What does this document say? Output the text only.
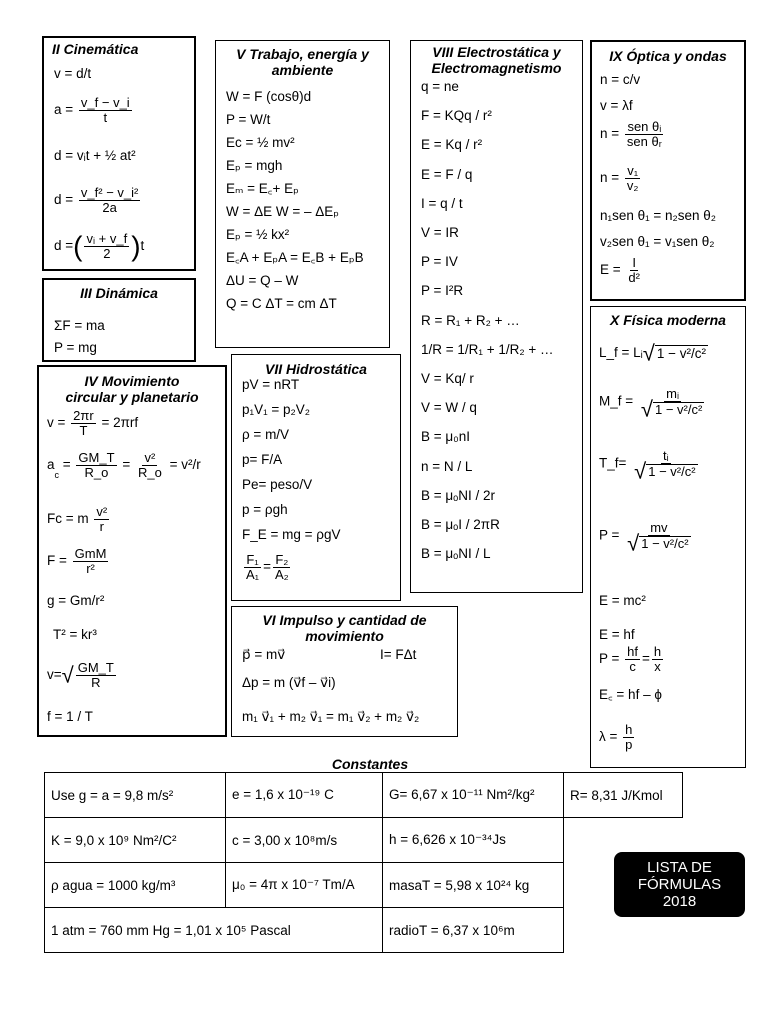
II Cinemática
v = d/t
$a = \frac{v\_f - v\_i}{t}$
d = vᵢt + ½ at²
$d = \frac{\text{v\_f² − v\_i²}}{2a}$
d =( $\frac{\text{vᵢ + v\_f}}{2} )t$
III Dinámica
ΣF = ma
P = mg
IV Movimiento circular y planetario
$v = \frac{2\pi r}{T} = 2\pi rf$
ac = $\frac{GM\_T}{R\_o} = \frac{\text{v²}}{R\_o} = v^2/r$
Fc = m $\frac{\text{v²}}{r}$
$F = \frac{\text{GmM}}{\text{r²}}$
g = Gm/r²
T² = kr³
$v=√ \frac{GM\_T}{R}$
f = 1 / T
V Trabajo, energía y ambiente
W = F (cosθ)d
P = W/t
Ec = ½ mv²
Eₚ = mgh
Eₘ = E꜀+ Eₚ
W = ΔE W = – ΔEₚ
Eₚ = ½ kx²
E꜀A + EₚA = E꜀B + EₚB
ΔU = Q – W
Q = C ΔT = cm ΔT
VII Hidrostática
pV = nRT
p₁V₁ = p₂V₂
ρ = m/V
p= F/A
Pe= peso/V
p = ρgh
F_E = mg = ρgV
$\frac{\text{F₁}}{\text{A₁}} = \frac{\text{F₂}}{\text{A₂}}$
VI Impulso y cantidad de movimiento
p⃗ = mv⃗	I= FΔt
Δp = m (v⃗f – v⃗i)
m₁ v⃗₁ + m₂ v⃗₁ = m₁ v⃗₂ + m₂ v⃗₂
VIII Electrostática y Electromagnetismo
q = ne
F = KQq / r²
E = Kq / r²
E = F / q
I = q / t
V = IR
P = IV
P = I²R
R = R₁ + R₂ + …
1/R = 1/R₁ + 1/R₂ + …
V = Kq/ r
V = W / q
B = μ₀nI
n = N / L
B = μₒNI / 2r
B = μₒI / 2πR
B = μₒNI / L
IX Óptica y ondas
n = c/v
v = λf
$n = \frac{\text{sen θᵢ}}{\text{sen θᵣ}}$
$n = \frac{\text{v₁}}{\text{v₂}}$
n₁sen θ₁ = n₂sen θ₂
v₂sen θ₁ = v₁sen θ₂
$E = \frac{I}{\text{d²}}$
X Física moderna
L_f = Lᵢ√ 1 − v²/c²
M_f = $\frac{\text{mᵢ}}{\text{√ 1 − v²/c²}}$
T_f= $\frac{\text{tᵢ}}{\text{√ 1 − v²/c²}}$
$P = \frac{mv}{\text{√ 1 − v²/c²}}$
E = mc²
E = hf
$P = \frac{hf}{c} = \frac{h}{x}$
E꜀ = hf – ϕ
$\lambda = \frac{h}{p}$
Constantes
Use g = a = 9,8 m/s²	e = 1,6 x 10⁻¹⁹ C	G= 6,67 x 10⁻¹¹ Nm²/kg²	R= 8,31 J/Kmol
K = 9,0 x 10⁹ Nm²/C²	c = 3,00 x 10⁸m/s	h = 6,626 x 10⁻³⁴Js	
ρ agua = 1000 kg/m³	μ₀ = 4π x 10⁻⁷ Tm/A	masaT = 5,98 x 10²⁴ kg	
1 atm = 760 mm Hg = 1,01 x 10⁵ Pascal		radioT = 6,37 x 10⁶m	
LISTA DE
FÓRMULAS
2018
